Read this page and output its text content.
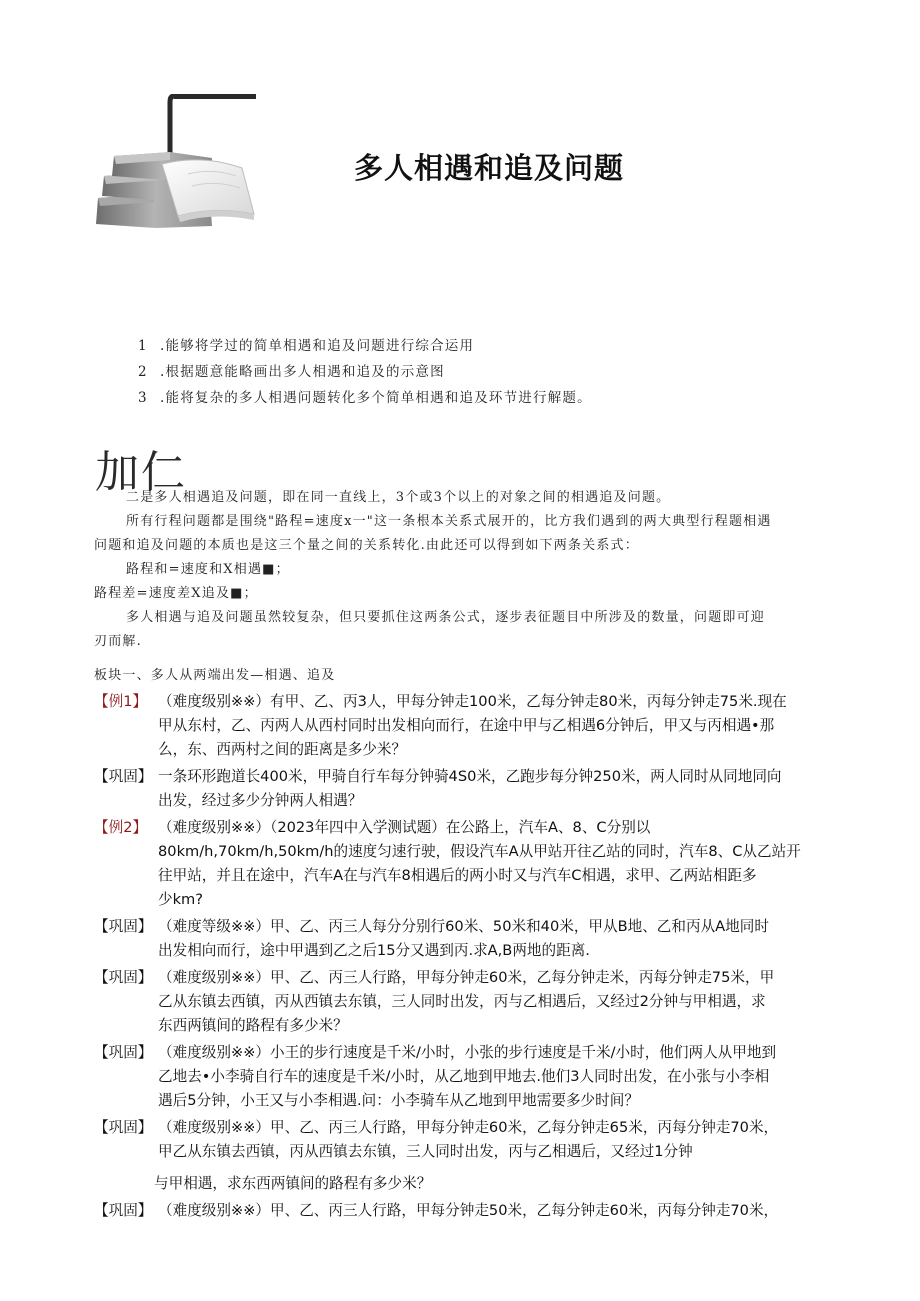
多人相遇和追及问题
1 .能够将学过的简单相遇和追及问题进行综合运用
2 .根据题意能略画出多人相遇和追及的示意图
3 .能将复杂的多人相遇问题转化多个简单相遇和追及环节进行解题。
加仁
二是多人相遇追及问题，即在同一直线上，3个或3个以上的对象之间的相遇追及问题。
所有行程问题都是围绕"路程=速度x一"这一条根本关系式展开的，比方我们遇到的两大典型行程题相遇
问题和追及问题的本质也是这三个量之间的关系转化.由此还可以得到如下两条关系式：
路程和=速度和X相遇■；
路程差=速度差X追及■；
多人相遇与追及问题虽然较复杂，但只要抓住这两条公式，逐步表征题目中所涉及的数量，问题即可迎
刃而解.
板块一、多人从两端出发—相遇、追及
【例1】 （难度级别※※）有甲、乙、丙3人，甲每分钟走100米，乙每分钟走80米，丙每分钟走75米.现在
甲从东村，乙、丙两人从西村同时出发相向而行，在途中甲与乙相遇6分钟后，甲又与丙相遇•那
么，东、西两村之间的距离是多少米？
【巩固】 一条环形跑道长400米，甲骑自行车每分钟骑4S0米，乙跑步每分钟250米，两人同时从同地同向
出发，经过多少分钟两人相遇？
【例2】 （难度级别※※）（2023年四中入学测试题）在公路上，汽车A、8、C分别以
80km/h,70km/h,50km/h的速度匀速行驶，假设汽车A从甲站开往乙站的同时，汽车8、C从乙站开
往甲站，并且在途中，汽车A在与汽车8相遇后的两小时又与汽车C相遇，求甲、乙两站相距多
少km?
【巩固】 （难度等级※※）甲、乙、丙三人每分分别行60米、50米和40米，甲从B地、乙和丙从A地同时
出发相向而行，途中甲遇到乙之后15分又遇到丙.求A,B两地的距离.
【巩固】 （难度级别※※）甲、乙、丙三人行路，甲每分钟走60米，乙每分钟走米，丙每分钟走75米，甲
乙从东镇去西镇，丙从西镇去东镇，三人同时出发，丙与乙相遇后，又经过2分钟与甲相遇，求
东西两镇间的路程有多少米？
【巩固】 （难度级别※※）小王的步行速度是千米/小时，小张的步行速度是千米/小时，他们两人从甲地到
乙地去•小李骑自行车的速度是千米/小时，从乙地到甲地去.他们3人同时出发，在小张与小李相
遇后5分钟，小王又与小李相遇.问：小李骑车从乙地到甲地需要多少时间？
【巩固】 （难度级别※※）甲、乙、丙三人行路，甲每分钟走60米，乙每分钟走65米，丙每分钟走70米，
甲乙从东镇去西镇，丙从西镇去东镇，三人同时出发，丙与乙相遇后，又经过1分钟
与甲相遇，求东西两镇间的路程有多少米？
【巩固】 （难度级别※※）甲、乙、丙三人行路，甲每分钟走50米，乙每分钟走60米，丙每分钟走70米，
